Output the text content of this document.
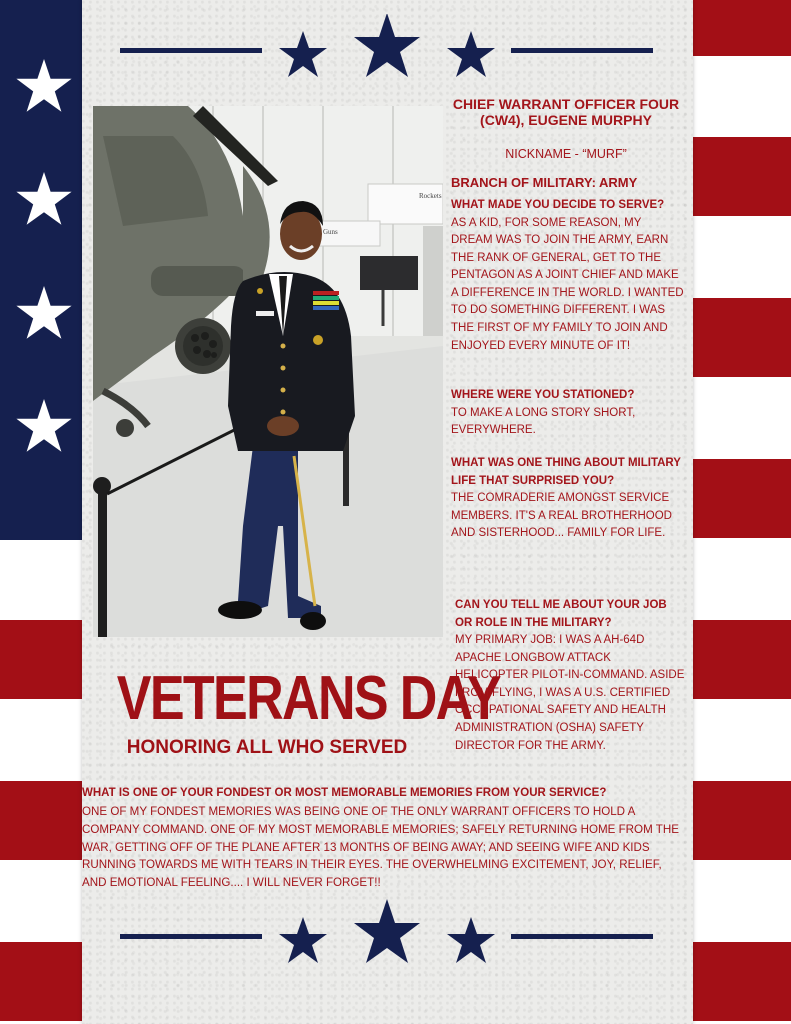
Rockets
Guns
VETERANS DAY
HONORING ALL WHO SERVED
CHIEF WARRANT OFFICER FOUR (CW4), EUGENE MURPHY
NICKNAME - “MURF”
BRANCH OF MILITARY: ARMY
WHAT MADE YOU DECIDE TO SERVE?
AS A KID, FOR SOME REASON, MY DREAM WAS TO JOIN THE ARMY, EARN THE RANK OF GENERAL, GET TO THE PENTAGON AS A JOINT CHIEF AND MAKE A DIFFERENCE IN THE WORLD. I WANTED TO DO SOMETHING DIFFERENT. I WAS THE FIRST OF MY FAMILY TO JOIN AND ENJOYED EVERY MINUTE OF IT!
WHERE WERE YOU STATIONED?
TO MAKE A LONG STORY SHORT, EVERYWHERE.
WHAT WAS ONE THING ABOUT MILITARY LIFE THAT SURPRISED YOU?
THE COMRADERIE AMONGST SERVICE MEMBERS. IT'S A REAL BROTHERHOOD AND SISTERHOOD... FAMILY FOR LIFE.
CAN YOU TELL ME ABOUT YOUR JOB OR ROLE IN THE MILITARY?
MY PRIMARY JOB: I WAS A AH-64D APACHE LONGBOW ATTACK HELICOPTER PILOT-IN-COMMAND. ASIDE FROM FLYING, I WAS A U.S. CERTIFIED OCCUPATIONAL SAFETY AND HEALTH ADMINISTRATION (OSHA) SAFETY DIRECTOR FOR THE ARMY.
WHAT IS ONE OF YOUR FONDEST OR MOST MEMORABLE MEMORIES FROM YOUR SERVICE?
ONE OF MY FONDEST MEMORIES WAS BEING ONE OF THE ONLY WARRANT OFFICERS TO HOLD A COMPANY COMMAND. ONE OF MY MOST MEMORABLE MEMORIES; SAFELY RETURNING HOME FROM THE WAR, GETTING OFF OF THE PLANE AFTER 13 MONTHS OF BEING AWAY; AND SEEING WIFE AND KIDS RUNNING TOWARDS ME WITH TEARS IN THEIR EYES. THE OVERWHELMING EXCITEMENT, JOY, RELIEF, AND EMOTIONAL FEELING.... I WILL NEVER FORGET!!
